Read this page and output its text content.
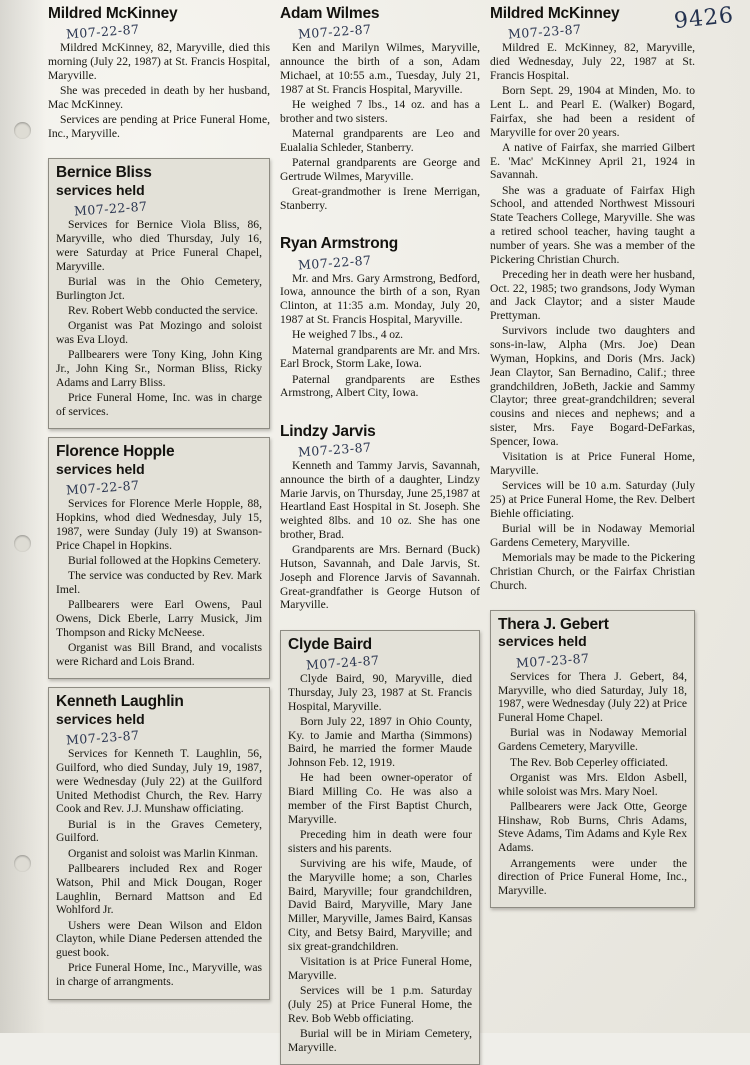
9426
Mildred McKinney
M07-22-87

Mildred McKinney, 82, Maryville, died this morning (July 22, 1987) at St. Francis Hospital, Maryville.

She was preceded in death by her husband, Mac McKinney.

Services are pending at Price Funeral Home, Inc., Maryville.

Bernice Bliss
services held
M07-22-87

Services for Bernice Viola Bliss, 86, Maryville, who died Thursday, July 16, were Saturday at Price Funeral Chapel, Maryville.

Burial was in the Ohio Cemetery, Burlington Jct.

Rev. Robert Webb conducted the service.

Organist was Pat Mozingo and soloist was Eva Lloyd.

Pallbearers were Tony King, John King Jr., John King Sr., Norman Bliss, Ricky Adams and Larry Bliss.

Price Funeral Home, Inc. was in charge of services.

Florence Hopple
services held
M07-22-87

Services for Florence Merle Hopple, 88, Hopkins, whod died Wednesday, July 15, 1987, were Sunday (July 19) at Swanson-Price Chapel in Hopkins.

Burial followed at the Hopkins Cemetery.

The service was conducted by Rev. Mark Imel.

Pallbearers were Earl Owens, Paul Owens, Dick Eberle, Larry Musick, Jim Thompson and Ricky McNeese.

Organist was Bill Brand, and vocalists were Richard and Lois Brand.

Kenneth Laughlin
services held
M07-23-87

Services for Kenneth T. Laughlin, 56, Guilford, who died Sunday, July 19, 1987, were Wednesday (July 22) at the Guilford United Methodist Church, the Rev. Harry Cook and Rev. J.J. Munshaw officiating.

Burial is in the Graves Cemetery, Guilford.

Organist and soloist was Marlin Kinman.

Pallbearers included Rex and Roger Watson, Phil and Mick Dougan, Roger Laughlin, Bernard Mattson and Ed Wohlford Jr.

Ushers were Dean Wilson and Eldon Clayton, while Diane Pedersen attended the guest book.

Price Funeral Home, Inc., Maryville, was in charge of arrangments.

Adam Wilmes
M07-22-87

Ken and Marilyn Wilmes, Maryville, announce the birth of a son, Adam Michael, at 10:55 a.m., Tuesday, July 21, 1987 at St. Francis Hospital, Maryville.

He weighed 7 lbs., 14 oz. and has a brother and two sisters.

Maternal grandparents are Leo and Eualalia Schleder, Stanberry.

Paternal grandparents are George and Gertrude Wilmes, Maryville.

Great-grandmother is Irene Merrigan, Stanberry.

Ryan Armstrong
M07-22-87

Mr. and Mrs. Gary Armstrong, Bedford, Iowa, announce the birth of a son, Ryan Clinton, at 11:35 a.m. Monday, July 20, 1987 at St. Francis Hospital, Maryville.

He weighed 7 lbs., 4 oz.

Maternal grandparents are Mr. and Mrs. Earl Brock, Storm Lake, Iowa.

Paternal grandparents are Esthes Armstrong, Albert City, Iowa.

Lindzy Jarvis
M07-23-87

Kenneth and Tammy Jarvis, Savannah, announce the birth of a daughter, Lindzy Marie Jarvis, on Thursday, June 25,1987 at Heartland East Hospital in St. Joseph. She weighted 8lbs. and 10 oz. She has one brother, Brad.

Grandparents are Mrs. Bernard (Buck) Hutson, Savannah, and Dale Jarvis, St. Joseph and Florence Jarvis of Savannah. Great-grandfather is George Hutson of Maryville.

Clyde Baird
M07-24-87

Clyde Baird, 90, Maryville, died Thursday, July 23, 1987 at St. Francis Hospital, Maryville.

Born July 22, 1897 in Ohio County, Ky. to Jamie and Martha (Simmons) Baird, he married the former Maude Johnson Feb. 12, 1919.

He had been owner-operator of Biard Milling Co. He was also a member of the First Baptist Church, Maryville.

Preceding him in death were four sisters and his parents.

Surviving are his wife, Maude, of the Maryville home; a son, Charles Baird, Maryville; four grandchildren, David Baird, Maryville, Mary Jane Miller, Maryville, James Baird, Kansas City, and Betsy Baird, Maryville; and six great-grandchildren.

Visitation is at Price Funeral Home, Maryville.

Services will be 1 p.m. Saturday (July 25) at Price Funeral Home, the Rev. Bob Webb officiating.

Burial will be in Miriam Cemetery, Maryville.

Mildred McKinney
M07-23-87

Mildred E. McKinney, 82, Maryville, died Wednesday, July 22, 1987 at St. Francis Hospital.

Born Sept. 29, 1904 at Minden, Mo. to Lent L. and Pearl E. (Walker) Bogard, Fairfax, she had been a resident of Maryville for over 20 years.

A native of Fairfax, she married Gilbert E. 'Mac' McKinney April 21, 1924 in Savannah.

She was a graduate of Fairfax High School, and attended Northwest Missouri State Teachers College, Maryville. She was a retired school teacher, having taught a number of years. She was a member of the Pickering Christian Church.

Preceding her in death were her husband, Oct. 22, 1985; two grandsons, Jody Wyman and Jack Claytor; and a sister Maude Prettyman.

Survivors include two daughters and sons-in-law, Alpha (Mrs. Joe) Dean Wyman, Hopkins, and Doris (Mrs. Jack) Jean Claytor, San Bernadino, Calif.; three grandchildren, JoBeth, Jackie and Sammy Claytor; three great-grandchildren; several cousins and nieces and nephews; and a sister, Mrs. Faye Bogard-DeFarkas, Spencer, Iowa.

Visitation is at Price Funeral Home, Maryville.

Services will be 10 a.m. Saturday (July 25) at Price Funeral Home, the Rev. Delbert Biehle officiating.

Burial will be in Nodaway Memorial Gardens Cemetery, Maryville.

Memorials may be made to the Pickering Christian Church, or the Fairfax Christian Church.

Thera J. Gebert
services held
M07-23-87

Services for Thera J. Gebert, 84, Maryville, who died Saturday, July 18, 1987, were Wednesday (July 22) at Price Funeral Home Chapel.

Burial was in Nodaway Memorial Gardens Cemetery, Maryville.

The Rev. Bob Ceperley officiated.

Organist was Mrs. Eldon Asbell, while soloist was Mrs. Mary Noel.

Pallbearers were Jack Otte, George Hinshaw, Rob Burns, Chris Adams, Steve Adams, Tim Adams and Kyle Rex Adams.

Arrangements were under the direction of Price Funeral Home, Inc., Maryville.
